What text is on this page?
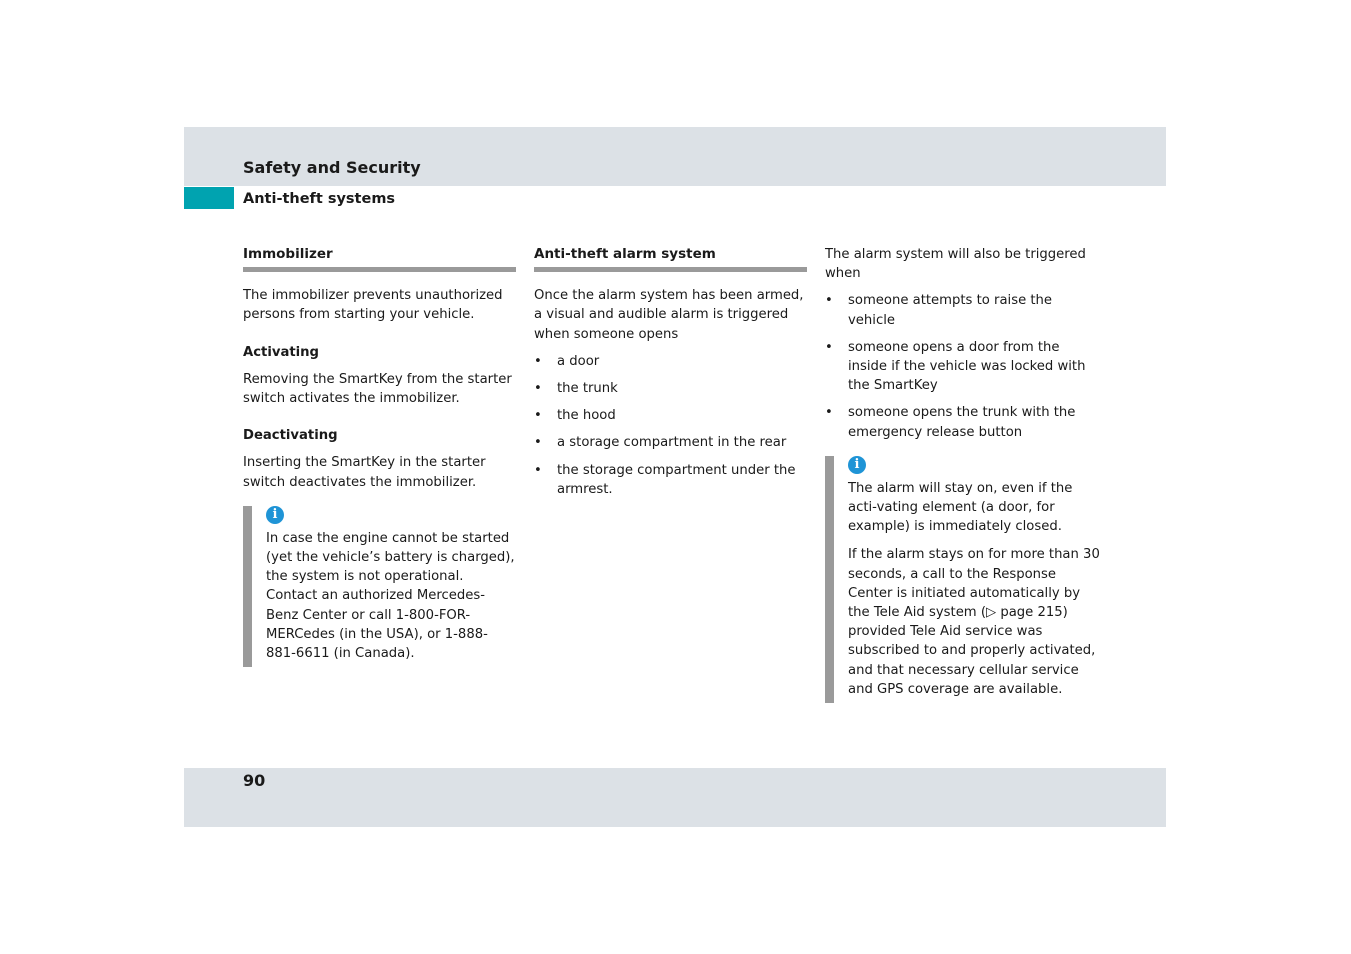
Safety and Security
Anti-theft systems
Immobilizer

The immobilizer prevents unauthorized persons from starting your vehicle.

Activating

Removing the SmartKey from the starter switch activates the immobilizer.

Deactivating

Inserting the SmartKey in the starter switch deactivates the immobilizer.

i

In case the engine cannot be started (yet the vehicle’s battery is charged), the system is not operational. Contact an authorized Mercedes-Benz Center or call 1-800-FOR-MERCedes (in the USA), or 1-888-881-6611 (in Canada).

Anti-theft alarm system

Once the alarm system has been armed, a visual and audible alarm is triggered when someone opens

• a door
• the trunk
• the hood
• a storage compartment in the rear
• the storage compartment under the armrest.

The alarm system will also be triggered when

• someone attempts to raise the vehicle
• someone opens a door from the inside if the vehicle was locked with the SmartKey
• someone opens the trunk with the emergency release button
i

The alarm will stay on, even if the acti-vating element (a door, for example) is immediately closed.

If the alarm stays on for more than 30 seconds, a call to the Response Center is initiated automatically by the Tele Aid system (▷ page 215) provided Tele Aid service was subscribed to and properly activated, and that necessary cellular service and GPS coverage are available.

90
